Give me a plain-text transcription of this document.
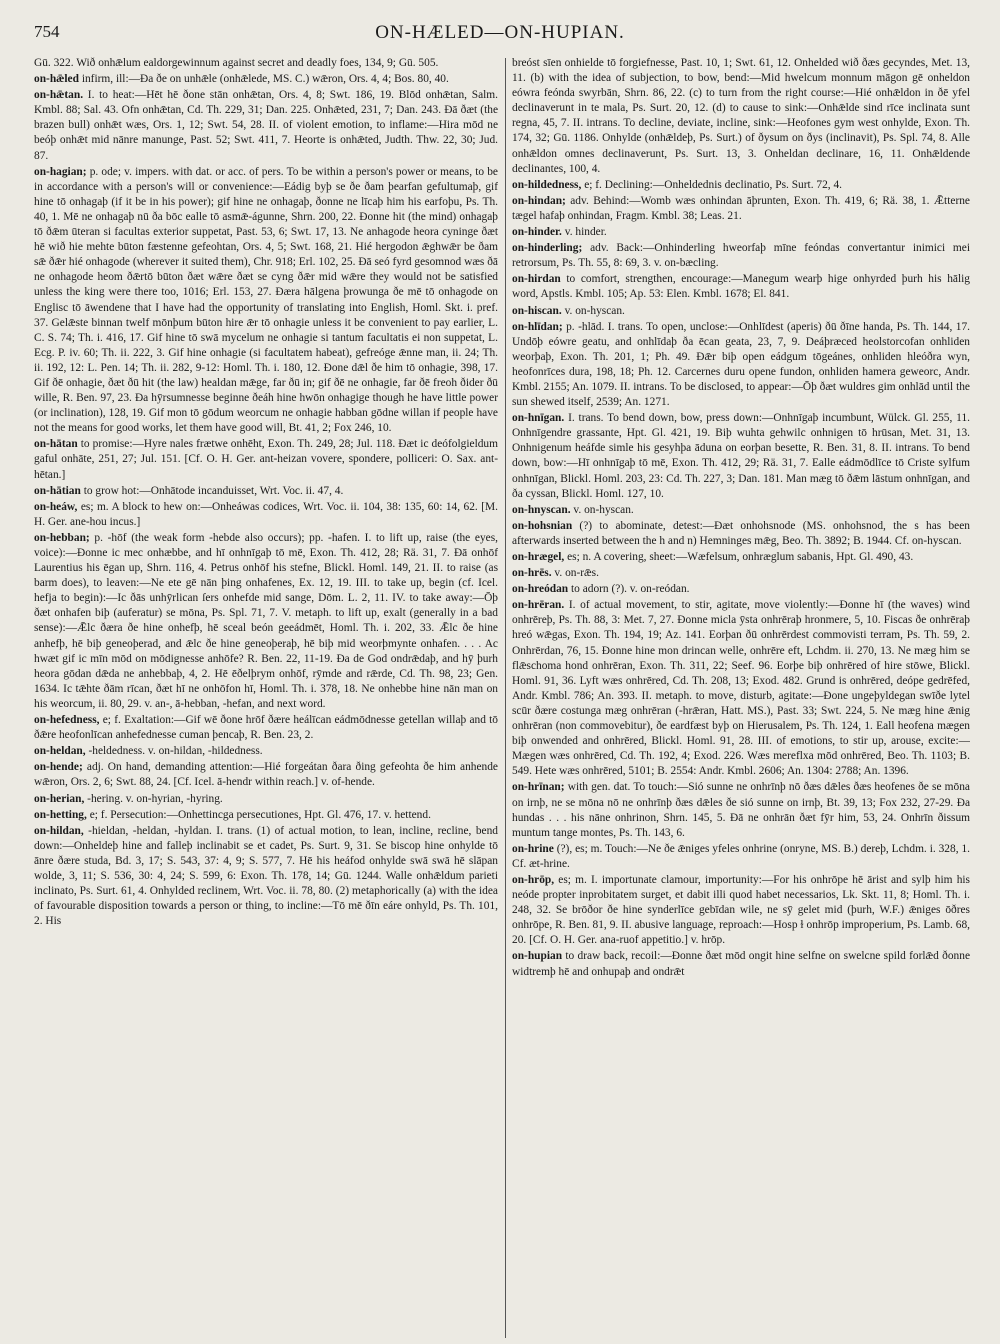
754	ON-HÆLED—ON-HUPIAN.

Gū. 322. Wið onhǣlum ealdorgewinnum against secret and deadly foes, 134, 9; Gū. 505.

on-hǣled infirm, ill:—Ða ðe on unhǣle (onhǣlede, MS. C.) wǣron, Ors. 4, 4; Bos. 80, 40.

on-hǣtan. I. to heat:—Hēt hē ðone stān onhǣtan, Ors. 4, 8; Swt. 186, 19. Blōd onhǣtan, Salm. Kmbl. 88; Sal. 43. Ofn onhǣtan, Cd. Th. 229, 31; Dan. 225. Onhǣted, 231, 7; Dan. 243. Ðā ðæt (the brazen bull) onhǣt wæs, Ors. 1, 12; Swt. 54, 28. II. of violent emotion, to inflame:—Hira mōd ne beóþ onhǣt mid nānre manunge, Past. 52; Swt. 411, 7. Heorte is onhǣted, Judth. Thw. 22, 30; Jud. 87.

on-hagian; p. ode; v. impers. with dat. or acc. of pers. To be within a person's power or means, to be in accordance with a person's will or convenience:—Eádig byþ se ðe ðam þearfan gefultumaþ, gif hine tō onhagaþ (if it be in his power); gif hine ne onhagaþ, ðonne ne līcaþ him his earfoþu, Ps. Th. 40, 1. Mē ne onhagaþ nū ða bōc ealle tō asmǣ-águnne, Shrn. 200, 22. Ðonne hit (the mind) onhagaþ tō ðǣm ūteran si facultas exterior suppetat, Past. 53, 6; Swt. 17, 13. Ne anhagode heora cyninge ðæt hē wið hie mehte būton fæstenne gefeohtan, Ors. 4, 5; Swt. 168, 21. Hié hergodon ǣghwǣr be ðam sǣ ðǣr hié onhagode (wherever it suited them), Chr. 918; Erl. 102, 25. Ðā seó fyrd gesomnod wæs ðā ne onhagode heom ðǣrtō būton ðæt wǣre ðæt se cyng ðǣr mid wǣre they would not be satisfied unless the king were there too, 1016; Erl. 153, 27. Ðæra hālgena þrowunga ðe mē tō onhagode on Englisc tō āwendene that I have had the opportunity of translating into English, Homl. Skt. i. pref. 37. Gelǣste binnan twelf mōnþum būton hire ǣr tō onhagie unless it be convenient to pay earlier, L. C. S. 74; Th. i. 416, 17. Gif hine tō swā mycelum ne onhagie si tantum facultatis ei non suppetat, L. Ecg. P. iv. 60; Th. ii. 222, 3. Gif hine onhagie (si facultatem habeat), gefreóge ǣnne man, ii. 24; Th. ii. 192, 12: L. Pen. 14; Th. ii. 282, 9-12: Homl. Th. i. 180, 12. Ðone dǣl ðe him tō onhagie, 398, 17. Gif ðē onhagie, ðæt ðū hit (the law) healdan mǣge, far ðū in; gif ðē ne onhagie, far ðē freoh ðider ðū wille, R. Ben. 97, 23. Ða hȳrsumnesse beginne ðeáh hine hwōn onhagige though he have little power (or inclination), 128, 19. Gif mon tō gōdum weorcum ne onhagie habban gōdne willan if people have not the means for good works, let them have good will, Bt. 41, 2; Fox 246, 10.

on-hātan to promise:—Hyre nales frætwe onhēht, Exon. Th. 249, 28; Jul. 118. Ðæt ic deófolgieldum gaful onhāte, 251, 27; Jul. 151. [Cf. O. H. Ger. ant-heizan vovere, spondere, polliceri: O. Sax. ant-hētan.]

on-hātian to grow hot:—Onhātode incanduisset, Wrt. Voc. ii. 47, 4.

on-heáw, es; m. A block to hew on:—Onheáwas codices, Wrt. Voc. ii. 104, 38: 135, 60: 14, 62. [M. H. Ger. ane-hou incus.]

on-hebban; p. -hōf (the weak form -hebde also occurs); pp. -hafen. I. to lift up, raise (the eyes, voice):—Ðonne ic mec onhæbbe, and hī onhnīgaþ tō mē, Exon. Th. 412, 28; Rä. 31, 7. Ðā onhōf Laurentius his ēgan up, Shrn. 116, 4. Petrus onhōf his stefne, Blickl. Homl. 149, 21. II. to raise (as barm does), to leaven:—Ne ete gē nān þing onhafenes, Ex. 12, 19. III. to take up, begin (cf. Icel. hefja to begin):—Ic ðās unhȳrlican ſers onhefde mid sange, Dōm. L. 2, 11. IV. to take away:—Ōþ ðæt onhafen biþ (auferatur) se mōna, Ps. Spl. 71, 7. V. metaph. to lift up, exalt (generally in a bad sense):—Ǣlc ðæra ðe hine onhefþ, hē sceal beón geeádmēt, Homl. Th. i. 202, 33. Ǣlc ðe hine anhefþ, hē biþ geneoþerad, and ǣlc ðe hine geneoþeraþ, hē biþ mid weorþmynte onhafen. . . . Ac hwæt gif ic mīn mōd on mōdignesse anhōfe? R. Ben. 22, 11-19. Ða de God ondrǣdaþ, and hȳ þurh heora gōdan dǣda ne anhebbaþ, 4, 2. Hē ēðelþrym onhōf, rȳmde and rǣrde, Cd. Th. 98, 23; Gen. 1634. Ic tǣhte ðām rīcan, ðæt hī ne onhōfon hī, Homl. Th. i. 378, 18. Ne onhebbe hine nān man on his weorcum, ii. 80, 29. v. an-, ā-hebban, -hefan, and next word.

on-hefedness, e; f. Exaltation:—Gif wē ðone hrōf ðære heálīcan eádmōdnesse getellan willaþ and tō ðǣre heofonlīcan anhefednesse cuman þencaþ, R. Ben. 23, 2.

on-heldan, -heldedness. v. on-hildan, -hildedness.

on-hende; adj. On hand, demanding attention:—Hié forgeátan ðara ðing gefeohta ðe him anhende wǣron, Ors. 2, 6; Swt. 88, 24. [Cf. Icel. ā-hendr within reach.] v. of-hende.

on-herian, -hering. v. on-hyrian, -hyring.

on-hetting, e; f. Persecution:—Onhettincga persecutiones, Hpt. Gl. 476, 17. v. hettend.

on-hildan, -hieldan, -heldan, -hyldan. I. trans. (1) of actual motion, to lean, incline, recline, bend down:—Onheldeþ hine and falleþ inclinabit se et cadet, Ps. Surt. 9, 31. Se biscop hine onhylde tō ānre ðære studa, Bd. 3, 17; S. 543, 37: 4, 9; S. 577, 7. Hē his heáfod onhylde swā swā hē slāpan wolde, 3, 11; S. 536, 30: 4, 24; S. 599, 6: Exon. Th. 178, 14; Gū. 1244. Walle onhǣldum parieti inclinato, Ps. Surt. 61, 4. Onhylded reclinem, Wrt. Voc. ii. 78, 80. (2) metaphorically (a) with the idea of favourable disposition towards a person or thing, to incline:—Tō mē ðīn eáre onhyld, Ps. Th. 101, 2. His

breóst sīen onhielde tō forgiefnesse, Past. 10, 1; Swt. 61, 12. Onhelded wið ðæs gecyndes, Met. 13, 11. (b) with the idea of subjection, to bow, bend:—Mid hwelcum monnum māgon gē onheldon eówra feónda swyrbān, Shrn. 86, 22. (c) to turn from the right course:—Hié onhǣldon in ðē yfel declinaverunt in te mala, Ps. Surt. 20, 12. (d) to cause to sink:—Onhǣlde sind rīce inclinata sunt regna, 45, 7. II. intrans. To decline, deviate, incline, sink:—Heofones gym west onhylde, Exon. Th. 174, 32; Gū. 1186. Onhylde (onhǣldeþ, Ps. Surt.) of ðysum on ðys (inclinavit), Ps. Spl. 74, 8. Alle onhǣldon omnes declinaverunt, Ps. Surt. 13, 3. Onheldan declinare, 16, 11. Onhǣldende declinantes, 100, 4.

on-hildedness, e; f. Declining:—Onheldednis declinatio, Ps. Surt. 72, 4.

on-hindan; adv. Behind:—Womb wæs onhindan āþrunten, Exon. Th. 419, 6; Rä. 38, 1. Ǣtterne tægel hafaþ onhindan, Fragm. Kmbl. 38; Leas. 21.

on-hinder. v. hinder.

on-hinderling; adv. Back:—Onhinderling hweorfaþ mīne feóndas convertantur inimici mei retrorsum, Ps. Th. 55, 8: 69, 3. v. on-bæcling.

on-hirdan to comfort, strengthen, encourage:—Manegum wearþ hige onhyrded þurh his hālig word, Apstls. Kmbl. 105; Ap. 53: Elen. Kmbl. 1678; El. 841.

on-hiscan. v. on-hyscan.

on-hlīdan; p. -hlād. I. trans. To open, unclose:—Onhlīdest (aperis) ðū ðīne handa, Ps. Th. 144, 17. Undōþ eówre geatu, and onhlīdaþ ða ēcan geata, 23, 7, 9. Deáþræced heolstorcofan onhliden weorþaþ, Exon. Th. 201, 1; Ph. 49. Ðǣr biþ open eádgum tōgeánes, onhliden hleóðra wyn, heofonrīces dura, 198, 18; Ph. 12. Carcernes duru opene fundon, onhliden hamera geweorc, Andr. Kmbl. 2155; An. 1079. II. intrans. To be disclosed, to appear:—Ōþ ðæt wuldres gim onhlād until the sun shewed itself, 2539; An. 1271.

on-hnīgan. I. trans. To bend down, bow, press down:—Onhnīgaþ incumbunt, Wülck. Gl. 255, 11. Onhnīgendre grassante, Hpt. Gl. 421, 19. Biþ wuhta gehwilc onhnigen tō hrūsan, Met. 31, 13. Onhnigenum heáfde simle his gesyhþa āduna on eorþan besette, R. Ben. 31, 8. II. intrans. To bend down, bow:—Hī onhnīgaþ tō mē, Exon. Th. 412, 29; Rä. 31, 7. Ealle eádmōdlīce tō Criste sylfum onhnīgan, Blickl. Homl. 203, 23: Cd. Th. 227, 3; Dan. 181. Man mæg tō ðǣm lāstum onhnīgan, and ða cyssan, Blickl. Homl. 127, 10.

on-hnyscan. v. on-hyscan.

on-hohsnian (?) to abominate, detest:—Ðæt onhohsnode (MS. onhohsnod, the s has been afterwards inserted between the h and n) Hemninges mǣg, Beo. Th. 3892; B. 1944. Cf. on-hyscan.

on-hrægel, es; n. A covering, sheet:—Wæfelsum, onhræglum sabanis, Hpt. Gl. 490, 43.

on-hrēs. v. on-rǣs.

on-hreódan to adorn (?). v. on-reódan.

on-hrēran. I. of actual movement, to stir, agitate, move violently:—Ðonne hī (the waves) wind onhrēreþ, Ps. Th. 88, 3: Met. 7, 27. Ðonne micla ȳsta onhrēraþ hronmere, 5, 10. Fiscas ðe onhrēraþ hreó wǣgas, Exon. Th. 194, 19; Az. 141. Eorþan ðū onhrērdest commovisti terram, Ps. Th. 59, 2. Onhrērdan, 76, 15. Ðonne hine mon drincan welle, onhrēre eft, Lchdm. ii. 270, 13. Ne mæg him se flǣschoma hond onhrēran, Exon. Th. 311, 22; Seef. 96. Eorþe biþ onhrēred of hire stōwe, Blickl. Homl. 91, 36. Lyft wæs onhrēred, Cd. Th. 208, 13; Exod. 482. Grund is onhrēred, deópe gedrēfed, Andr. Kmbl. 786; An. 393. II. metaph. to move, disturb, agitate:—Ðone ungeþyldegan swīðe lytel scūr ðære costunga mæg onhrēran (-hrǣran, Hatt. MS.), Past. 33; Swt. 224, 5. Ne mæg hine ǣnig onhrēran (non commovebitur), ðe eardfæst byþ on Hierusalem, Ps. Th. 124, 1. Eall heofena mægen biþ onwended and onhrēred, Blickl. Homl. 91, 28. III. of emotions, to stir up, arouse, excite:—Mægen wæs onhrēred, Cd. Th. 192, 4; Exod. 226. Wæs mereflxa mōd onhrēred, Beo. Th. 1103; B. 549. Hete wæs onhrēred, 5101; B. 2554: Andr. Kmbl. 2606; An. 1304: 2788; An. 1396.

on-hrīnan; with gen. dat. To touch:—Sió sunne ne onhrīnþ nō ðæs dǣles ðæs heofenes ðe se mōna on irnþ, ne se mōna nō ne onhrīnþ ðæs dǣles ðe sió sunne on irnþ, Bt. 39, 13; Fox 232, 27-29. Ða hundas . . . his nāne onhrinon, Shrn. 145, 5. Ðā ne onhrān ðæt fȳr him, 53, 24. Onhrīn ðissum muntum tange montes, Ps. Th. 143, 6.

on-hrine (?), es; m. Touch:—Ne ðe ǣniges yfeles onhrine (onryne, MS. B.) dereþ, Lchdm. i. 328, 1. Cf. æt-hrine.

on-hrōp, es; m. I. importunate clamour, importunity:—For his onhrōpe hē ārist and sylþ him his neóde propter inprobitatem surget, et dabit illi quod habet necessarios, Lk. Skt. 11, 8; Homl. Th. i. 248, 32. Se brōðor ðe hine synderlīce gebīdan wile, ne sȳ gelet mid (þurh, W.F.) ǣniges ōðres onhrōpe, R. Ben. 81, 9. II. abusive language, reproach:—Hosp ɫ onhrōp improperium, Ps. Lamb. 68, 20. [Cf. O. H. Ger. ana-ruof appetitio.] v. hrōp.

on-hupian to draw back, recoil:—Ðonne ðæt mōd ongit hine selfne on swelcne spild forlǣd ðonne widtremþ hē and onhupaþ and ondrǣt
